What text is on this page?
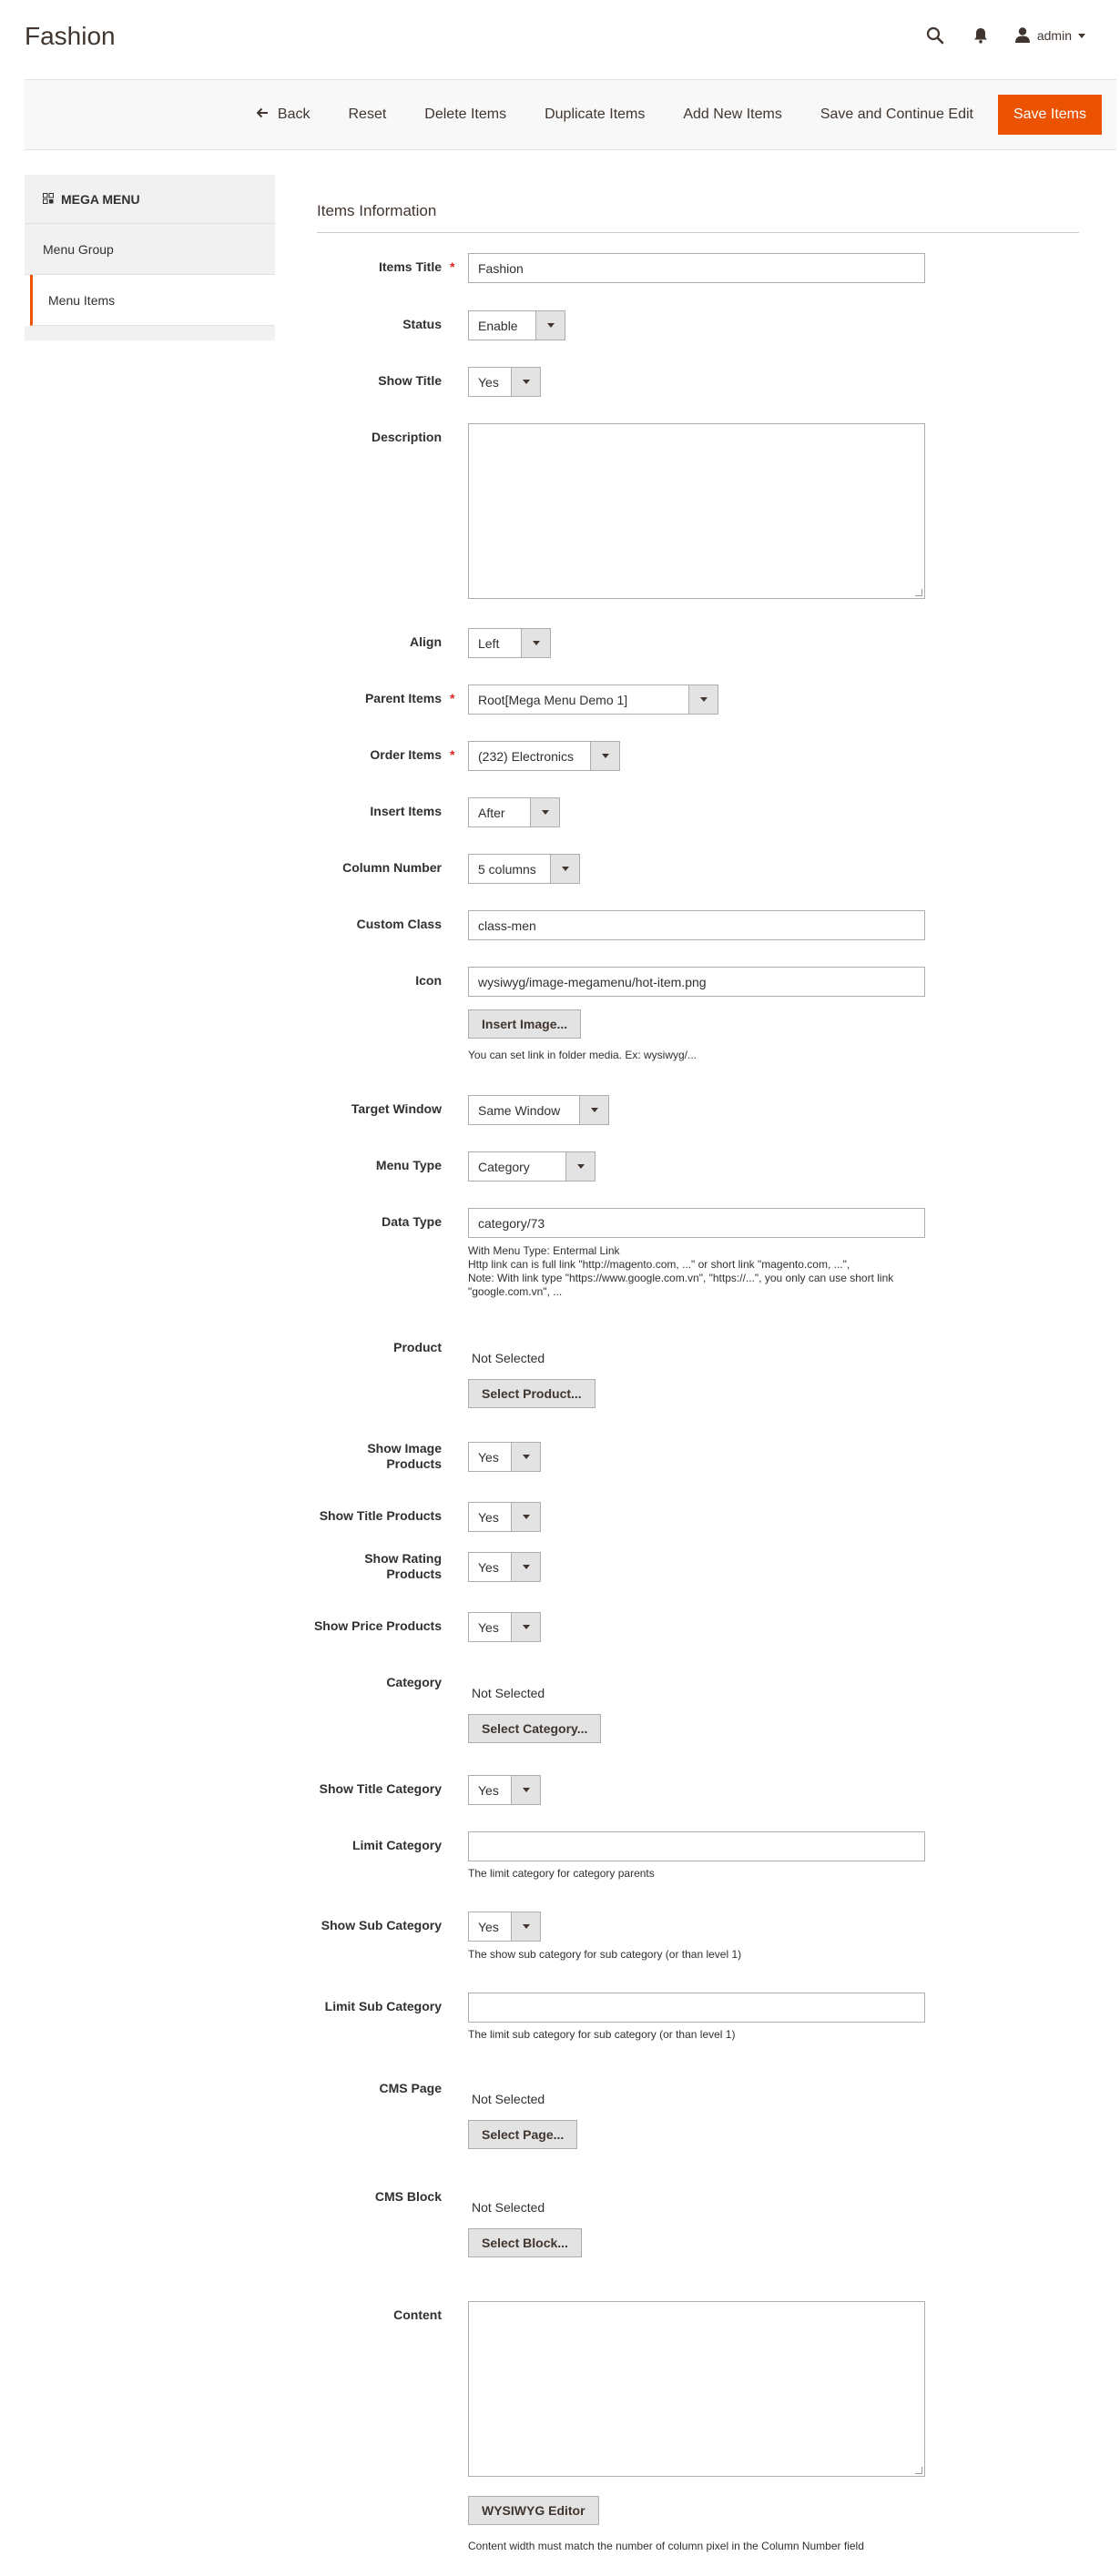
Fashion	admin
Back	Reset	Delete Items	Duplicate Items	Add New Items	Save and Continue Edit	Save Items
MEGA MENU
Menu Group
Menu Items
Items Information
Items Title *	Fashion
Status	Enable
Show Title	Yes
Description
Align	Left
Parent Items *	Root[Mega Menu Demo 1]
Order Items *	(232) Electronics
Insert Items	After
Column Number	5 columns
Custom Class	class-men
Icon	wysiwyg/image-megamenu/hot-item.png
Insert Image...
You can set link in folder media. Ex: wysiwyg/...
Target Window	Same Window
Menu Type	Category
Data Type	category/73
With Menu Type: Entermal Link
Http link can is full link "http://magento.com, ..." or short link "magento.com, ...",
Note: With link type "https://www.google.com.vn", "https://...", you only can use short link
"google.com.vn", ...
Product
Not Selected
Select Product...
Show Image
Products	Yes
Show Title Products	Yes
Show Rating
Products	Yes
Show Price Products	Yes
Category
Not Selected
Select Category...
Show Title Category	Yes
Limit Category
The limit category for category parents
Show Sub Category	Yes
The show sub category for sub category (or than level 1)
Limit Sub Category
The limit sub category for sub category (or than level 1)
CMS Page
Not Selected
Select Page...
CMS Block
Not Selected
Select Block...
Content
WYSIWYG Editor
Content width must match the number of column pixel in the Column Number field
